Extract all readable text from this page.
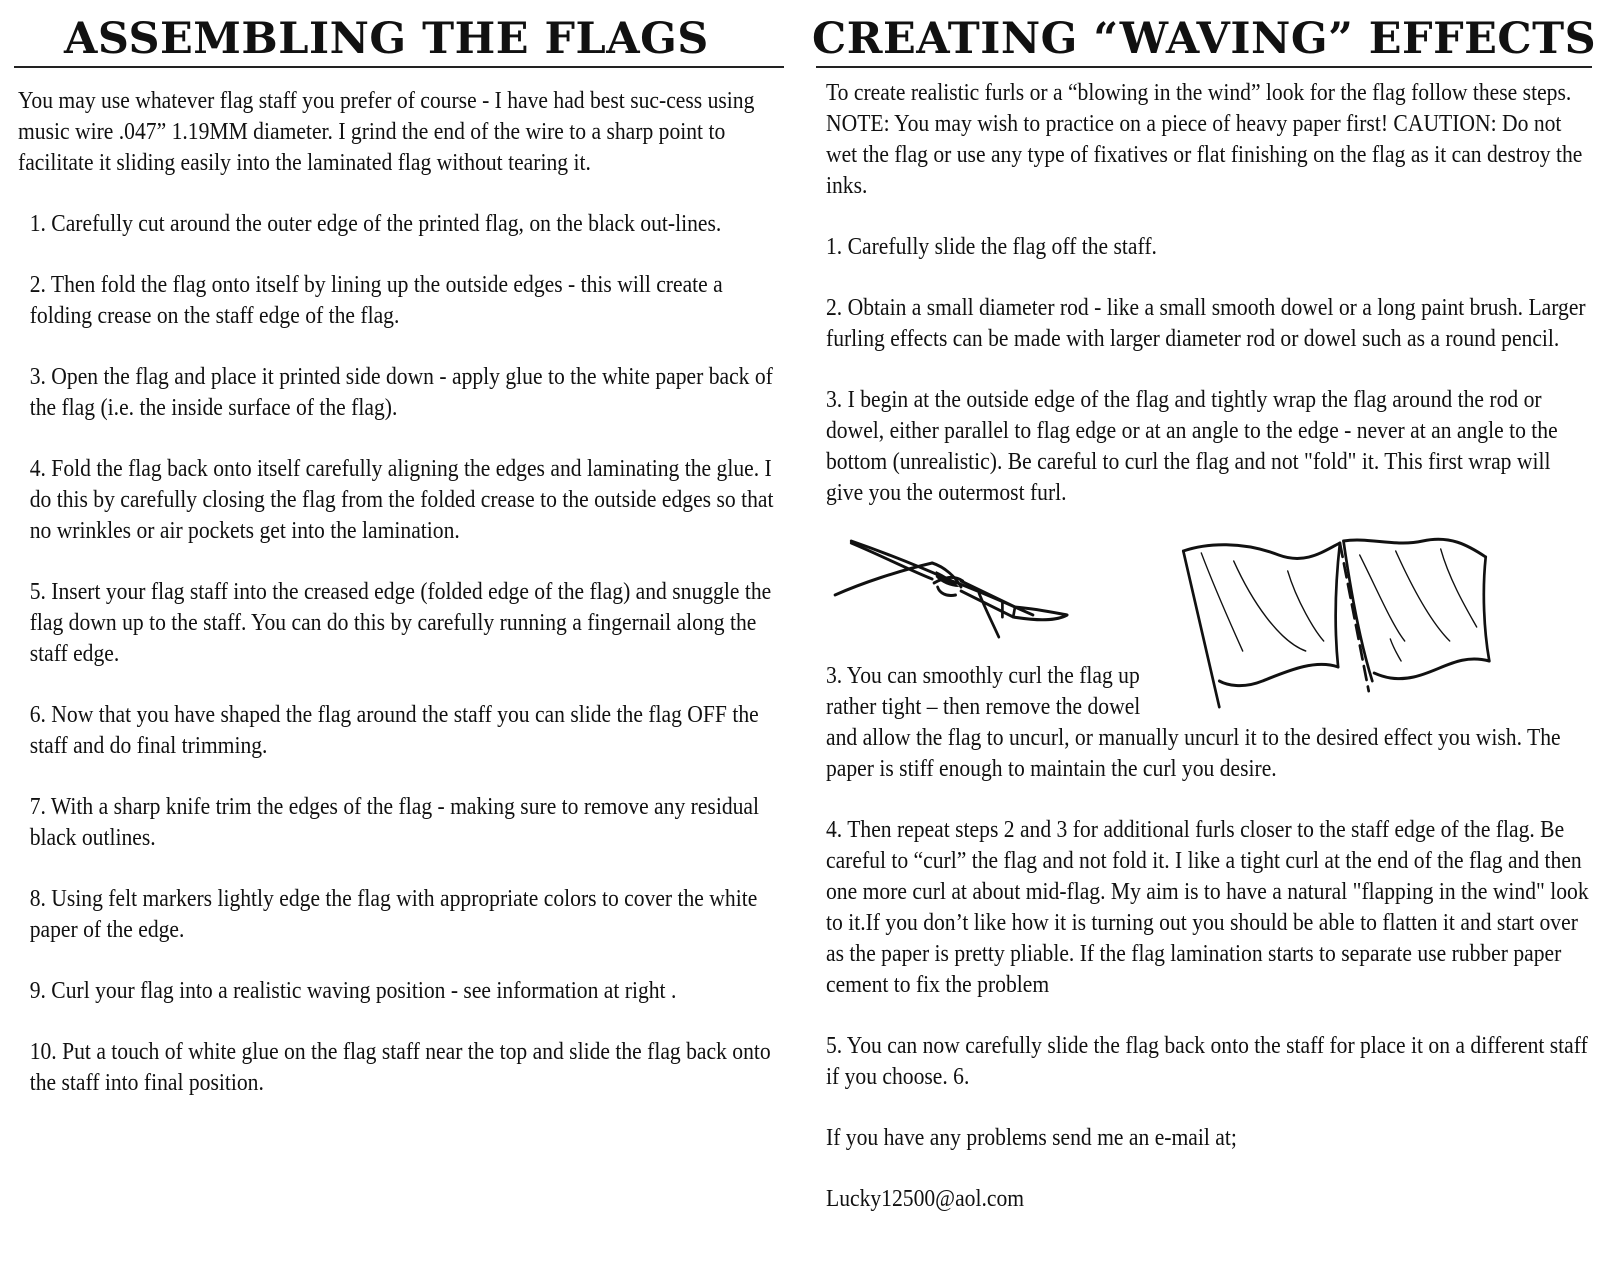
ASSEMBLING THE FLAGS

You may use whatever flag staff you prefer of course - I have had best suc-cess using music wire .047” 1.19MM diameter. I grind the end of the wire to a sharp point to facilitate it sliding easily into the laminated flag without tearing it.

1. Carefully cut around the outer edge of the printed flag, on the black out-lines.

2. Then fold the flag onto itself by lining up the outside edges - this will create a folding crease on the staff edge of the flag.

3. Open the flag and place it printed side down - apply glue to the white paper back of the flag (i.e. the inside surface of the flag).

4. Fold the flag back onto itself carefully aligning the edges and laminating the glue. I do this by carefully closing the flag from the folded crease to the outside edges so that no wrinkles or air pockets get into the lamination.

5. Insert your flag staff into the creased edge (folded edge of the flag) and snuggle the flag down up to the staff. You can do this by carefully running a fingernail along the staff edge.

6. Now that you have shaped the flag around the staff you can slide the flag OFF the staff and do final trimming.

7. With a sharp knife trim the edges of the flag - making sure to remove any residual black outlines.

8. Using felt markers lightly edge the flag with appropriate colors to cover the white paper of the edge.

9. Curl your flag into a realistic waving position - see information at right .

10. Put a touch of white glue on the flag staff near the top and slide the flag back onto the staff into final position.

CREATING “WAVING” EFFECTS

To create realistic furls or a “blowing in the wind” look for the flag follow these steps. NOTE: You may wish to practice on a piece of heavy paper first! CAUTION: Do not wet the flag or use any type of fixatives or flat finishing on the flag as it can destroy the inks.

1. Carefully slide the flag off the staff.

2. Obtain a small diameter rod - like a small smooth dowel or a long paint brush. Larger furling effects can be made with larger diameter rod or dowel such as a round pencil.

3. I begin at the outside edge of the flag and tightly wrap the flag around the rod or dowel, either parallel to flag edge or at an angle to the edge - never at an angle to the bottom (unrealistic). Be careful to curl the flag and not "fold" it. This first wrap will give you the outermost furl.

3. You can smoothly curl the flag up rather tight – then remove the dowel

and allow the flag to uncurl, or manually uncurl it to the desired effect you wish. The paper is stiff enough to maintain the curl you desire.

4. Then repeat steps 2 and 3 for additional furls closer to the staff edge of the flag. Be careful to “curl” the flag and not fold it. I like a tight curl at the end of the flag and then one more curl at about mid-flag. My aim is to have a natural "flapping in the wind" look to it.If you don’t like how it is turning out you should be able to flatten it and start over as the paper is pretty pliable. If the flag lamination starts to separate use rubber paper cement to fix the problem

5. You can now carefully slide the flag back onto the staff for place it on a different staff if you choose. 6.

If you have any problems send me an e-mail at;

Lucky12500@aol.com
